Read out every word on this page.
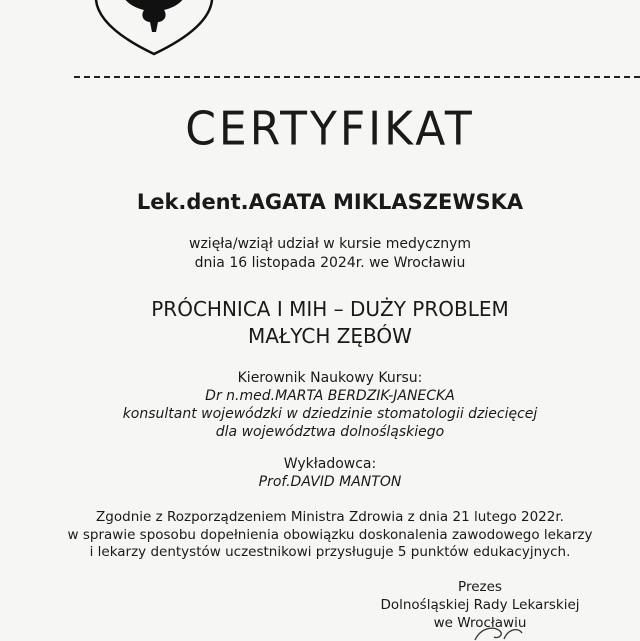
CERTYFIKAT
Lek.dent.AGATA MIKLASZEWSKA
wzięła/wziął udział w kursie medycznym
dnia 16 listopada 2024r. we Wrocławiu
PRÓCHNICA I MIH – DUŻY PROBLEM
MAŁYCH ZĘBÓW
Kierownik Naukowy Kursu:
Dr n.med.MARTA BERDZIK-JANECKA
konsultant wojewódzki w dziedzinie stomatologii dziecięcej
dla województwa dolnośląskiego
Wykładowca:
Prof.DAVID MANTON
Zgodnie z Rozporządzeniem Ministra Zdrowia z dnia 21 lutego 2022r.
w sprawie sposobu dopełnienia obowiązku doskonalenia zawodowego lekarzy
i lekarzy dentystów uczestnikowi przysługuje 5 punktów edukacyjnych.
Prezes
Dolnośląskiej Rady Lekarskiej
we Wrocławiu
